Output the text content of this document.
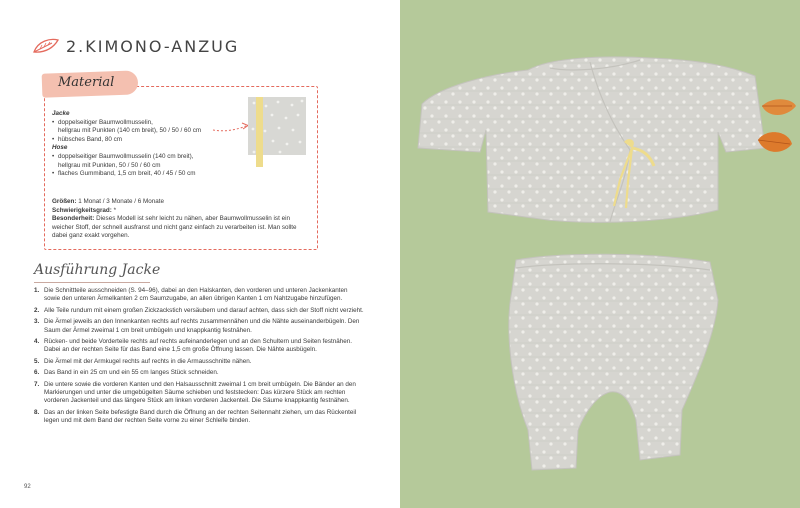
2.KIMONO-ANZUG
Material
Jacke
• doppelseitiger Baumwollmusselin,
hellgrau mit Punkten (140 cm breit), 50 / 50 / 60 cm
• hübsches Band, 80 cm
Hose
• doppelseitiger Baumwollmusselin (140 cm breit),
hellgrau mit Punkten, 50 / 50 / 60 cm
• flaches Gummiband, 1,5 cm breit, 40 / 45 / 50 cm
Größen: 1 Monat / 3 Monate / 6 Monate
Schwierigkeitsgrad: *
Besonderheit: Dieses Modell ist sehr leicht zu nähen, aber Baumwollmusselin ist ein weicher Stoff, der schnell ausfranst und nicht ganz einfach zu verarbeiten ist. Man sollte dabei ganz exakt vorgehen.
Ausführung Jacke
1. Die Schnittteile ausschneiden (S. 94–96), dabei an den Halskanten, den vorderen und unteren Jackenkanten sowie den unteren Ärmelkanten 2 cm Saumzugabe, an allen übrigen Kanten 1 cm Nahtzugabe hinzufügen.
2. Alle Teile rundum mit einem großen Zickzackstich versäubern und darauf achten, dass sich der Stoff nicht verzieht.
3. Die Ärmel jeweils an den Innenkanten rechts auf rechts zusammennähen und die Nähte auseinanderbügeln. Den Saum der Ärmel zweimal 1 cm breit umbügeln und knappkantig festnähen.
4. Rücken- und beide Vorderteile rechts auf rechts aufeinanderlegen und an den Schultern und Seiten festnähen. Dabei an der rechten Seite für das Band eine 1,5 cm große Öffnung lassen. Die Nähte ausbügeln.
5. Die Ärmel mit der Armkugel rechts auf rechts in die Armausschnitte nähen.
6. Das Band in ein 25 cm und ein 55 cm langes Stück schneiden.
7. Die untere sowie die vorderen Kanten und den Halsausschnitt zweimal 1 cm breit umbügeln. Die Bänder an den Markierungen und unter die umgebügelten Säume schieben und feststecken: Das kürzere Stück am rechten vorderen Jackenteil und das längere Stück am linken vorderen Jackenteil. Die Säume knappkantig festnähen.
8. Das an der linken Seite befestigte Band durch die Öffnung an der rechten Seitennaht ziehen, um das Rückenteil legen und mit dem Band der rechten Seite vorne zu einer Schleife binden.
92
